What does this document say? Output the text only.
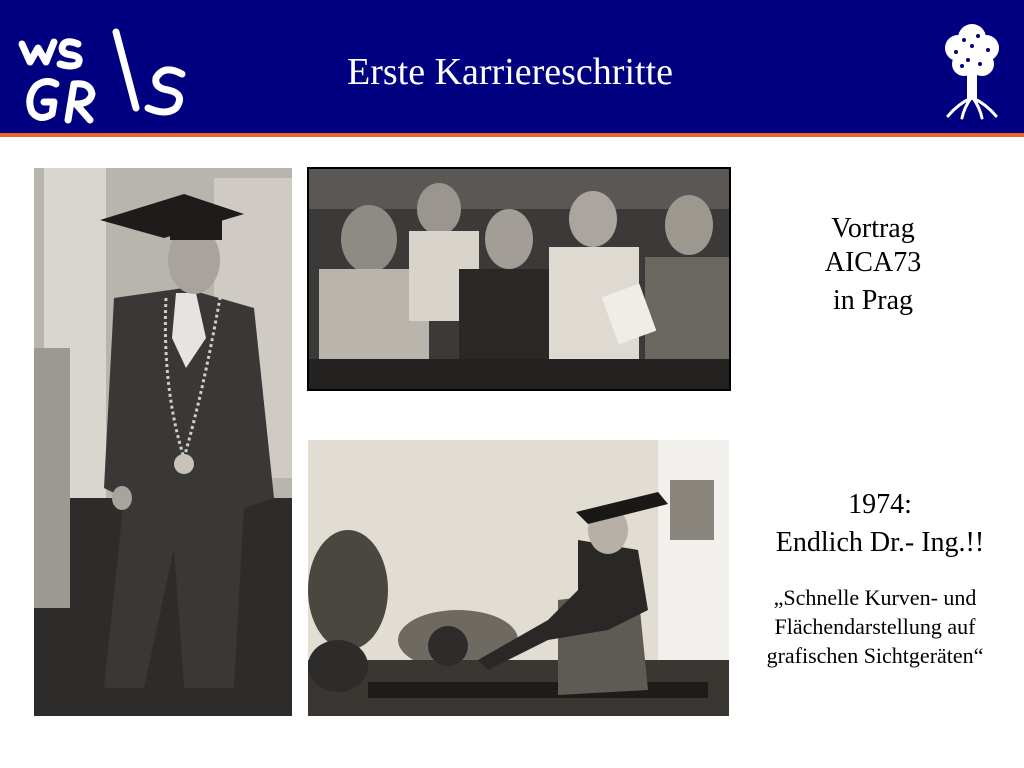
Erste Karriereschritte
Vortrag
AICA73
in Prag
1974:
Endlich Dr.- Ing.!!
„Schnelle Kurven- und
Flächendarstellung auf
grafischen Sichtgeräten“
